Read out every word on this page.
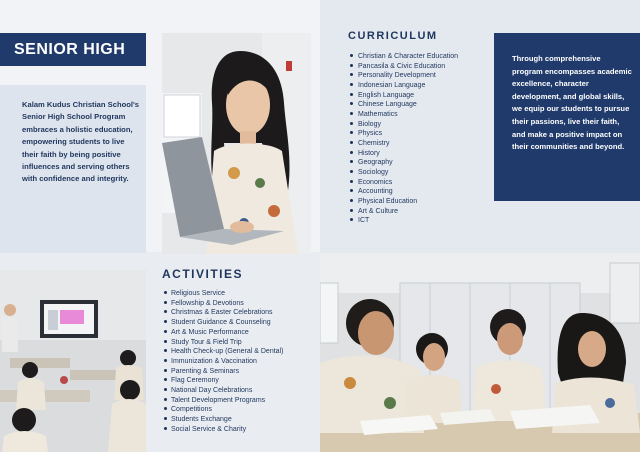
SENIOR HIGH
Kalam Kudus Christian School's Senior High School Program embraces a holistic education, empowering students to live their faith by being positive influences and serving others with confidence and integrity.
ACTIVITIES
Religious Service
Fellowship & Devotions
Christmas & Easter Celebrations
Student Guidance & Counseling
Art & Music Performance
Study Tour & Field Trip
Health Check-up (General & Dental)
Immunization & Vaccination
Parenting & Seminars
Flag Ceremony
National Day Celebrations
Talent Development Programs
Competitions
Students Exchange
Social Service & Charity
CURRICULUM
Christian & Character Education
Pancasila & Civic Education
Personality Development
Indonesian Language
English Language
Chinese Language
Mathematics
Biology
Physics
Chemistry
History
Geography
Sociology
Economics
Accounting
Physical Education
Art & Culture
ICT
Through comprehensive program encompasses academic excellence, character development, and global skills, we equip our students to pursue their passions, live their faith, and make a positive impact on their communities and beyond.
